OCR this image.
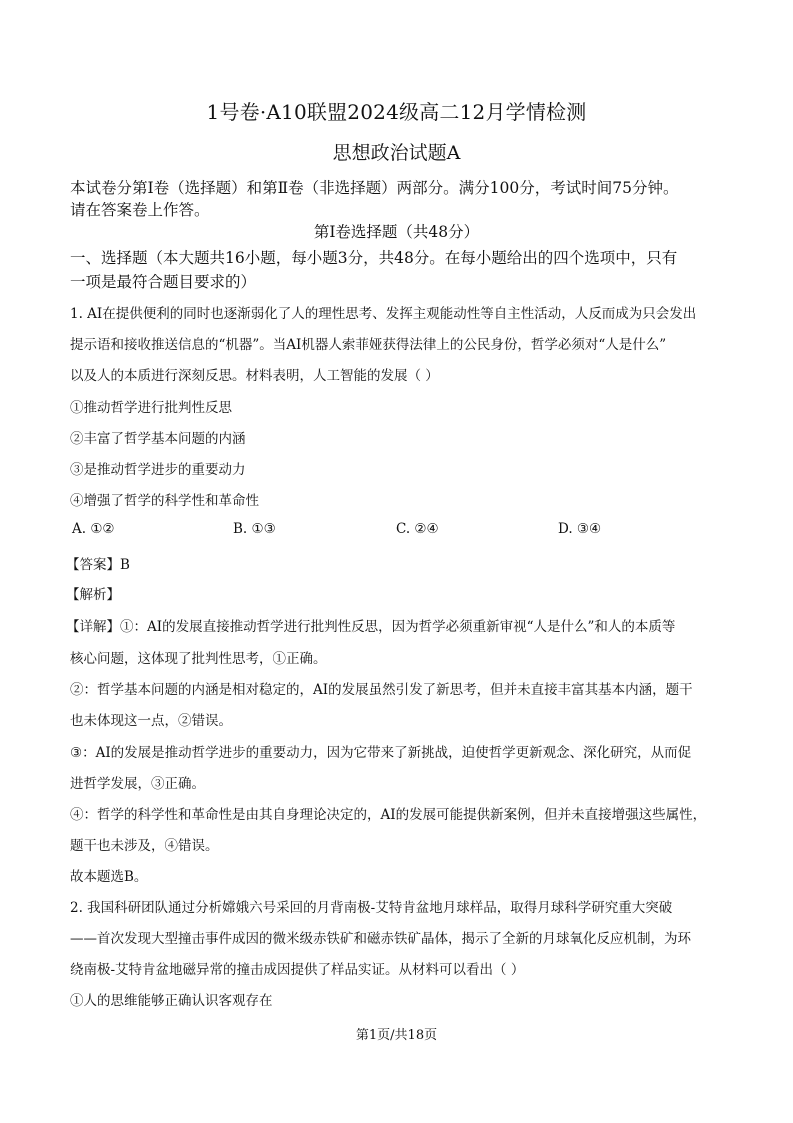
1号卷·A10联盟2024级高二12月学情检测
思想政治试题A
本试卷分第Ⅰ卷（选择题）和第Ⅱ卷（非选择题）两部分。满分100分，考试时间75分钟。
请在答案卷上作答。
第Ⅰ卷选择题（共48分）
一、选择题（本大题共16小题，每小题3分，共48分。在每小题给出的四个选项中，只有
一项是最符合题目要求的）
1. AI在提供便利的同时也逐渐弱化了人的理性思考、发挥主观能动性等自主性活动，人反而成为只会发出
提示语和接收推送信息的“机器”。当AI机器人索菲娅获得法律上的公民身份，哲学必须对“人是什么”
以及人的本质进行深刻反思。材料表明，人工智能的发展（ ）
①推动哲学进行批判性反思
②丰富了哲学基本问题的内涵
③是推动哲学进步的重要动力
④增强了哲学的科学性和革命性
A. ①②	B. ①③	C. ②④	D. ③④
【答案】B
【解析】
【详解】①：AI的发展直接推动哲学进行批判性反思，因为哲学必须重新审视“人是什么”和人的本质等
核心问题，这体现了批判性思考，①正确。
②：哲学基本问题的内涵是相对稳定的，AI的发展虽然引发了新思考，但并未直接丰富其基本内涵，题干
也未体现这一点，②错误。
③：AI的发展是推动哲学进步的重要动力，因为它带来了新挑战，迫使哲学更新观念、深化研究，从而促
进哲学发展，③正确。
④：哲学的科学性和革命性是由其自身理论决定的，AI的发展可能提供新案例，但并未直接增强这些属性，
题干也未涉及，④错误。
故本题选B。
2. 我国科研团队通过分析嫦娥六号采回的月背南极-艾特肯盆地月球样品，取得月球科学研究重大突破
——首次发现大型撞击事件成因的微米级赤铁矿和磁赤铁矿晶体，揭示了全新的月球氧化反应机制，为环
绕南极-艾特肯盆地磁异常的撞击成因提供了样品实证。从材料可以看出（ ）
①人的思维能够正确认识客观存在
第1页/共18页
